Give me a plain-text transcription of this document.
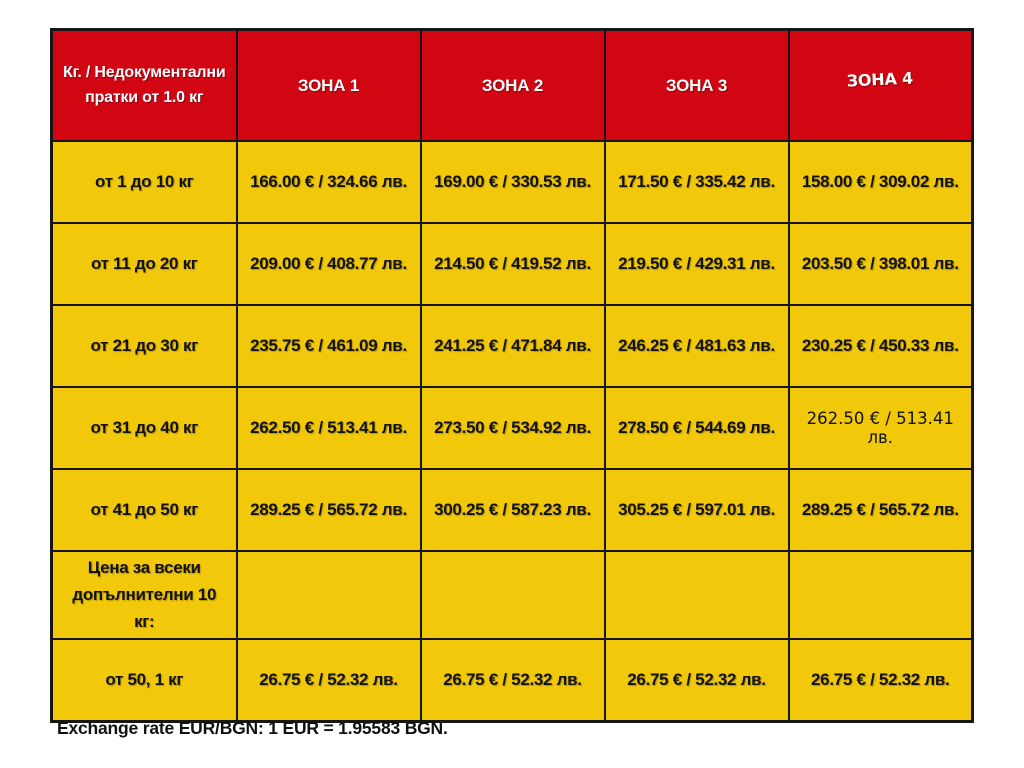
Кг. / Недокументални пратки от 1.0 кг	ЗОНА 1	ЗОНА 2	ЗОНА 3	ЗОНА 4
от 1 до 10 кг	166.00 € / 324.66 лв.	169.00 € / 330.53 лв.	171.50 € / 335.42 лв.	158.00 € / 309.02 лв.
от 11 до 20 кг	209.00 € / 408.77 лв.	214.50 € / 419.52 лв.	219.50 € / 429.31 лв.	203.50 € / 398.01 лв.
от 21 до 30 кг	235.75 € / 461.09 лв.	241.25 € / 471.84 лв.	246.25 € / 481.63 лв.	230.25 € / 450.33 лв.
от 31 до 40 кг	262.50 € / 513.41 лв.	273.50 € / 534.92 лв.	278.50 € / 544.69 лв.	262.50 € / 513.41 лв.
от 41 до 50 кг	289.25 € / 565.72 лв.	300.25 € / 587.23 лв.	305.25 € / 597.01 лв.	289.25 € / 565.72 лв.
Цена за всеки допълнителни 10 кг:				
от 50, 1 кг	26.75 € / 52.32 лв.	26.75 € / 52.32 лв.	26.75 € / 52.32 лв.	26.75 € / 52.32 лв.

Exchange rate EUR/BGN: 1 EUR = 1.95583 BGN.
